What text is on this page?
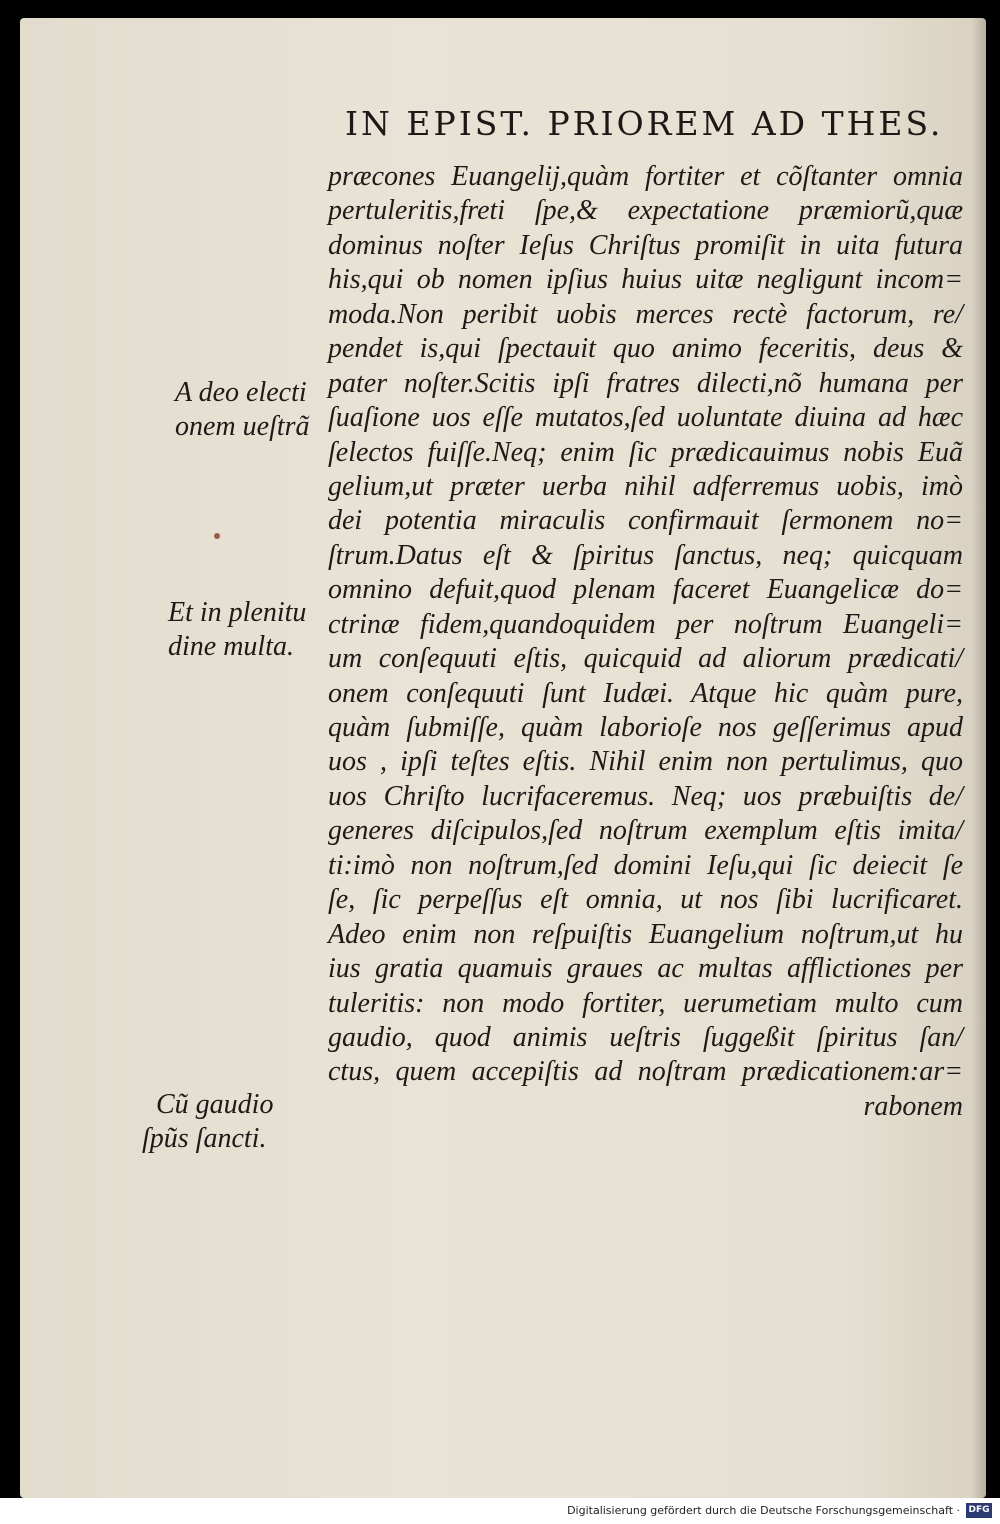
IN EPIST. PRIOREM AD THES.
præcones Euangelij,quàm fortiter et cõſtanter omnia
pertuleritis,freti ſpe,& expectatione præmiorũ,quæ
dominus noſter Ieſus Chriſtus promiſit in uita futura
his,qui ob nomen ipſius huius uitæ negligunt incom=
moda.Non peribit uobis merces rectè factorum, re/
pendet is,qui ſpectauit quo animo feceritis, deus &
pater noſter.Scitis ipſi fratres dilecti,nõ humana per
ſuaſione uos eſſe mutatos,ſed uoluntate diuina ad hæc
ſelectos fuiſſe.Neq; enim ſic prædicauimus nobis Euã
gelium,ut præter uerba nihil adferremus uobis, imò
dei potentia miraculis confirmauit ſermonem no=
ſtrum.Datus eſt & ſpiritus ſanctus, neq; quicquam
omnino defuit,quod plenam faceret Euangelicæ do=
ctrinæ fidem,quandoquidem per noſtrum Euangeli=
um conſequuti eſtis, quicquid ad aliorum prædicati/
onem conſequuti ſunt Iudæi. Atque hic quàm pure,
quàm ſubmiſſe, quàm laborioſe nos geſſerimus apud
uos , ipſi teſtes eſtis. Nihil enim non pertulimus, quo
uos Chriſto lucrifaceremus. Neq; uos præbuiſtis de/
generes diſcipulos,ſed noſtrum exemplum eſtis imita/
ti:imò non noſtrum,ſed domini Ieſu,qui ſic deiecit ſe
ſe, ſic perpeſſus eſt omnia, ut nos ſibi lucrificaret.
Adeo enim non reſpuiſtis Euangelium noſtrum,ut hu
ius gratia quamuis graues ac multas afflictiones per
tuleritis: non modo fortiter, uerumetiam multo cum
gaudio, quod animis ueſtris ſuggeßit ſpiritus ſan/
ctus, quem accepiſtis ad noſtram prædicationem:ar=
rabonem
A deo electi
onem ueſtrã
Et in plenitu
dine multa.
Cũ gaudio
ſpũs ſancti.
Digitalisierung gefördert durch die Deutsche Forschungsgemeinschaft · DFG
